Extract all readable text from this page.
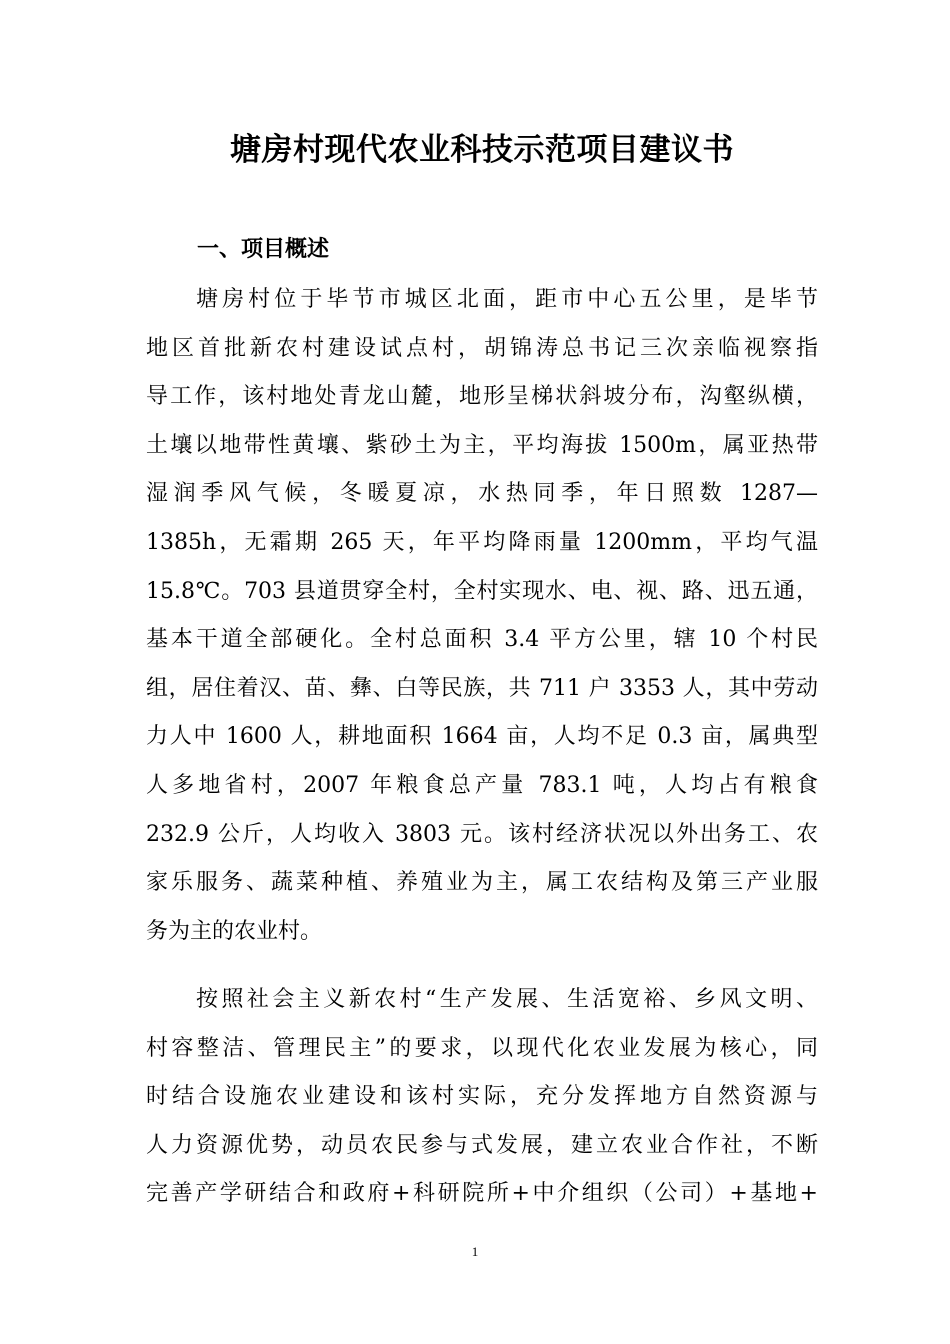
塘房村现代农业科技示范项目建议书
一、项目概述
塘房村位于毕节市城区北面，距市中心五公里，是毕节
地区首批新农村建设试点村，胡锦涛总书记三次亲临视察指
导工作，该村地处青龙山麓，地形呈梯状斜坡分布，沟壑纵横，
土壤以地带性黄壤、紫砂土为主，平均海拔 1500m，属亚热带
湿润季风气候，冬暖夏凉，水热同季，年日照数 1287—
1385h，无霜期 265 天，年平均降雨量 1200mm，平均气温
15.8℃。703 县道贯穿全村，全村实现水、电、视、路、迅五通，
基本干道全部硬化。全村总面积 3.4 平方公里，辖 10 个村民
组，居住着汉、苗、彝、白等民族，共 711 户 3353 人，其中劳动
力人中 1600 人，耕地面积 1664 亩，人均不足 0.3 亩，属典型
人多地省村，2007 年粮食总产量 783.1 吨，人均占有粮食
232.9 公斤，人均收入 3803 元。该村经济状况以外出务工、农
家乐服务、蔬菜种植、养殖业为主，属工农结构及第三产业服
务为主的农业村。
按照社会主义新农村“生产发展、生活宽裕、乡风文明、
村容整洁、管理民主”的要求，以现代化农业发展为核心，同
时结合设施农业建设和该村实际，充分发挥地方自然资源与
人力资源优势，动员农民参与式发展，建立农业合作社，不断
完善产学研结合和政府+科研院所+中介组织（公司）+基地+
1
